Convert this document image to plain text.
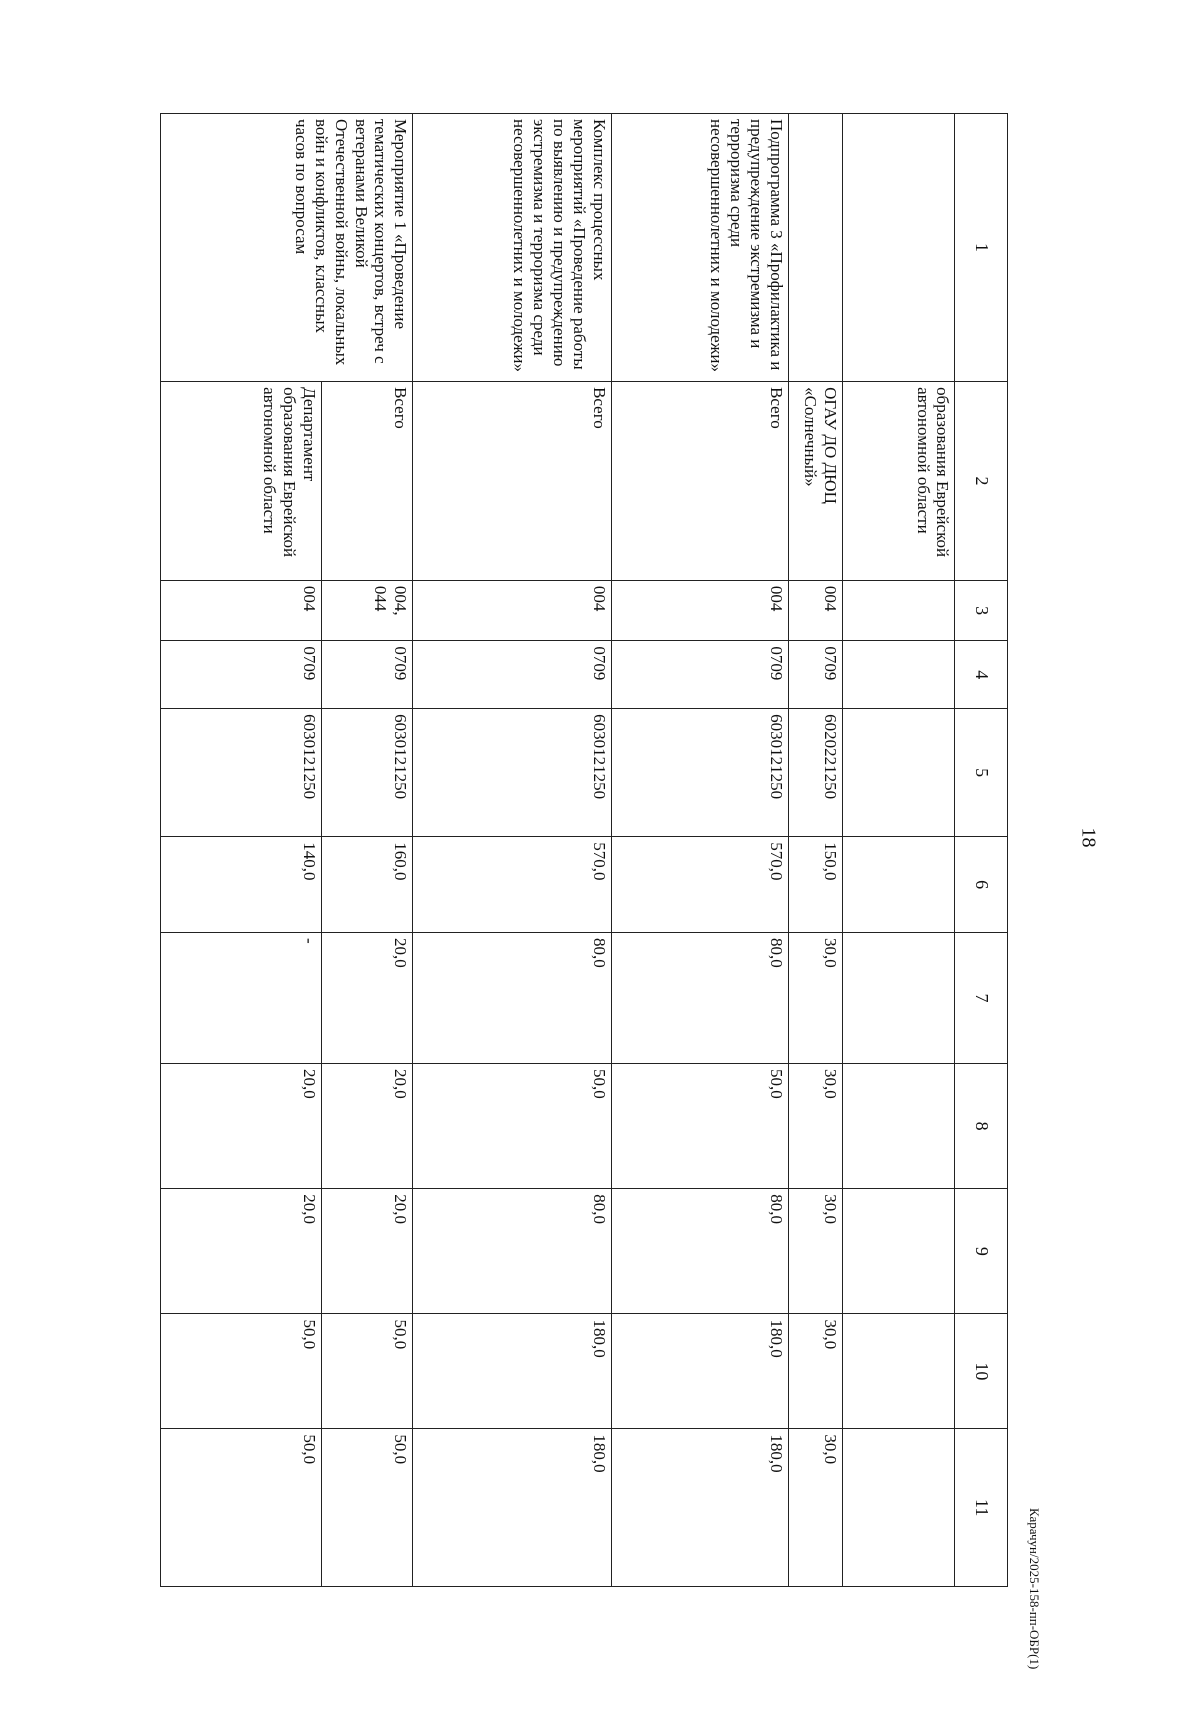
18
Карачун/2025-158-пп-ОБР(1)
1	2	3	4	5	6	7	8	9	10	11
	образования Еврейской автономной области									
	ОГАУ ДО ДЮЦ «Солнечный»	004	0709	6020221250	150,0	30,0	30,0	30,0	30,0	30,0
Подпрограмма 3 «Профилактика и предупреждение экстремизма и терроризма среди несовершеннолетних и молодежи»	Всего	004	0709	6030121250	570,0	80,0	50,0	80,0	180,0	180,0
Комплекс процессных мероприятий «Проведение работы по выявлению и предупреждению экстремизма и терроризма среди несовершеннолетних и молодежи»	Всего	004	0709	6030121250	570,0	80,0	50,0	80,0	180,0	180,0
Мероприятие 1 «Проведение тематических концертов, встреч с ветеранами Великой Отечественной войны, локальных войн и конфликтов, классных часов по вопросам	Всего	004, 044	0709	6030121250	160,0	20,0	20,0	20,0	50,0	50,0
	Департамент образования Еврейской автономной области	004	0709	6030121250	140,0	-	20,0	20,0	50,0	50,0
